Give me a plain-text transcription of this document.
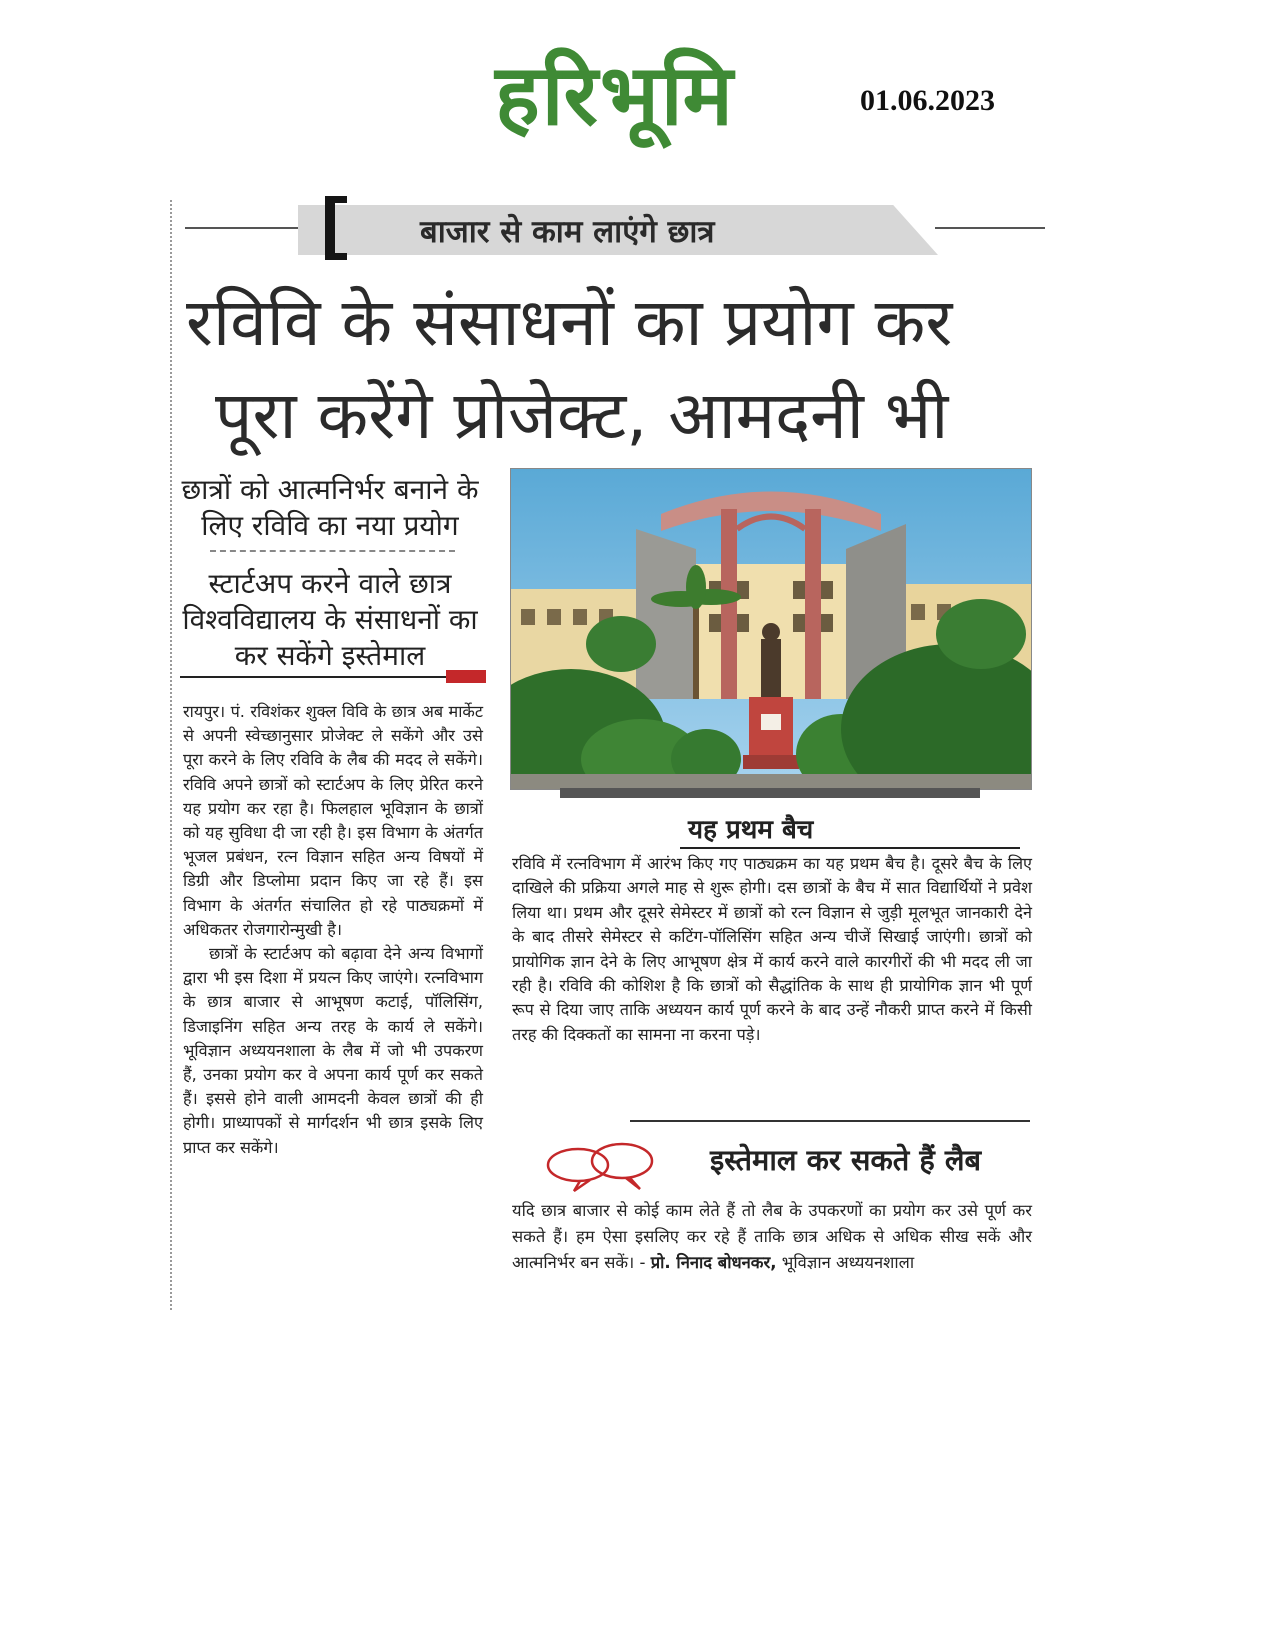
हरिभूमि	01.06.2023
बाजार से काम लाएंगे छात्र
रविवि के संसाधनों का प्रयोग कर
पूरा करेंगे प्रोजेक्ट, आमदनी भी
छात्रों को आत्मनिर्भर बनाने के लिए रविवि का नया प्रयोग
स्टार्टअप करने वाले छात्र विश्वविद्यालय के संसाधनों का कर सकेंगे इस्तेमाल

रायपुर। पं. रविशंकर शुक्ल विवि के छात्र अब मार्केट से अपनी स्वेच्छानुसार प्रोजेक्ट ले सकेंगे और उसे पूरा करने के लिए रविवि के लैब की मदद ले सकेंगे। रविवि अपने छात्रों को स्टार्टअप के लिए प्रेरित करने यह प्रयोग कर रहा है। फिलहाल भूविज्ञान के छात्रों को यह सुविधा दी जा रही है। इस विभाग के अंतर्गत भूजल प्रबंधन, रत्न विज्ञान सहित अन्य विषयों में डिग्री और डिप्लोमा प्रदान किए जा रहे हैं। इस विभाग के अंतर्गत संचालित हो रहे पाठ्यक्रमों में अधिकतर रोजगारोन्मुखी है।

छात्रों के स्टार्टअप को बढ़ावा देने अन्य विभागों द्वारा भी इस दिशा में प्रयत्न किए जाएंगे। रत्नविभाग के छात्र बाजार से आभूषण कटाई, पॉलिसिंग, डिजाइनिंग सहित अन्य तरह के कार्य ले सकेंगे। भूविज्ञान अध्ययनशाला के लैब में जो भी उपकरण हैं, उनका प्रयोग कर वे अपना कार्य पूर्ण कर सकते हैं। इससे होने वाली आमदनी केवल छात्रों की ही होगी। प्राध्यापकों से मार्गदर्शन भी छात्र इसके लिए प्राप्त कर सकेंगे।

यह प्रथम बैच
रविवि में रत्नविभाग में आरंभ किए गए पाठ्यक्रम का यह प्रथम बैच है। दूसरे बैच के लिए दाखिले की प्रक्रिया अगले माह से शुरू होगी। दस छात्रों के बैच में सात विद्यार्थियों ने प्रवेश लिया था। प्रथम और दूसरे सेमेस्टर में छात्रों को रत्न विज्ञान से जुड़ी मूलभूत जानकारी देने के बाद तीसरे सेमेस्टर से कटिंग-पॉलिसिंग सहित अन्य चीजें सिखाई जाएंगी। छात्रों को प्रायोगिक ज्ञान देने के लिए आभूषण क्षेत्र में कार्य करने वाले कारगीरों की भी मदद ली जा रही है। रविवि की कोशिश है कि छात्रों को सैद्धांतिक के साथ ही प्रायोगिक ज्ञान भी पूर्ण रूप से दिया जाए ताकि अध्ययन कार्य पूर्ण करने के बाद उन्हें नौकरी प्राप्त करने में किसी तरह की दिक्कतों का सामना ना करना पड़े।
इस्तेमाल कर सकते हैं लैब
यदि छात्र बाजार से कोई काम लेते हैं तो लैब के उपकरणों का प्रयोग कर उसे पूर्ण कर सकते हैं। हम ऐसा इसलिए कर रहे हैं ताकि छात्र अधिक से अधिक सीख सकें और आत्मनिर्भर बन सकें। - प्रो. निनाद बोधनकर, भूविज्ञान अध्ययनशाला
